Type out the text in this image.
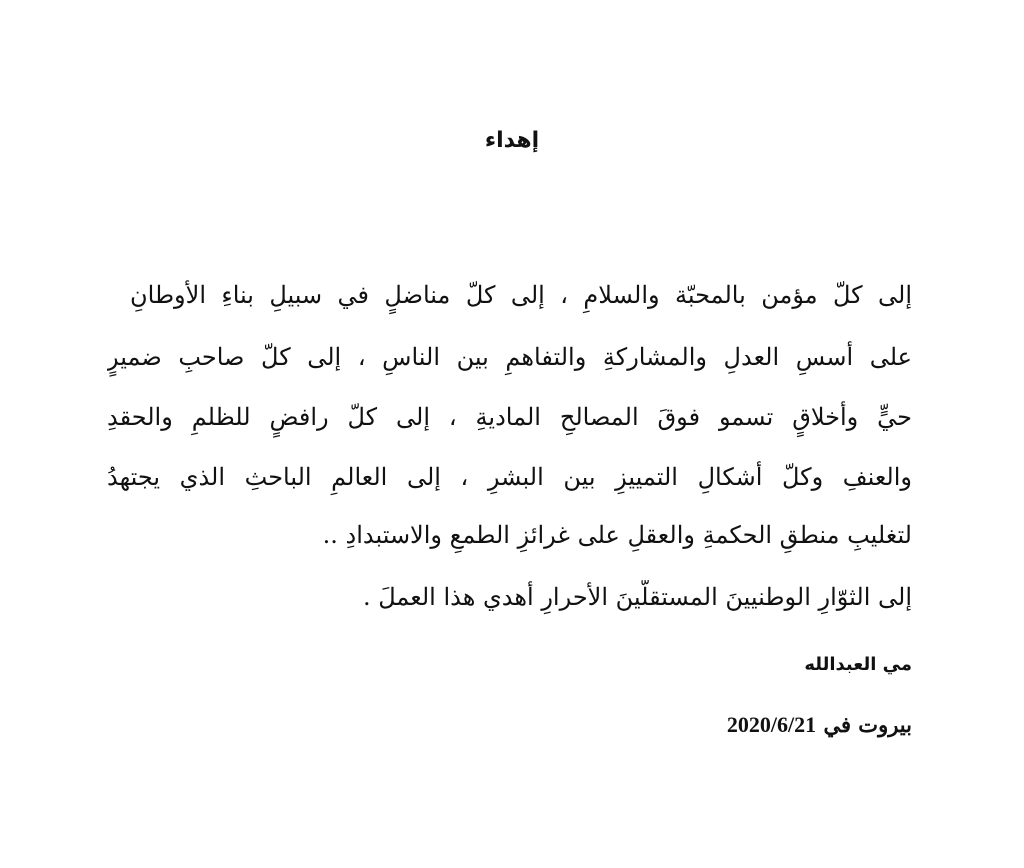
إهداء
إلى كلّ مؤمن بالمحبّة والسلامِ ، إلى كلّ مناضلٍ في سبيلِ بناءِ الأوطانِ
على أسسِ العدلِ والمشاركةِ والتفاهمِ بين الناسِ ، إلى كلّ صاحبِ ضميرٍ
حيٍّ وأخلاقٍ تسمو فوقَ المصالحِ الماديةِ ، إلى كلّ رافضٍ للظلمِ والحقدِ
والعنفِ وكلّ أشكالِ التمييزِ بين البشرِ ، إلى العالمِ الباحثِ الذي يجتهدُ
لتغليبِ منطقِ الحكمةِ والعقلِ على غرائزِ الطمعِ والاستبدادِ ..
إلى الثوّارِ الوطنيينَ المستقلّينَ الأحرارِ أهدي هذا العملَ .
مي العبدالله
بيروت في 2020/6/21
